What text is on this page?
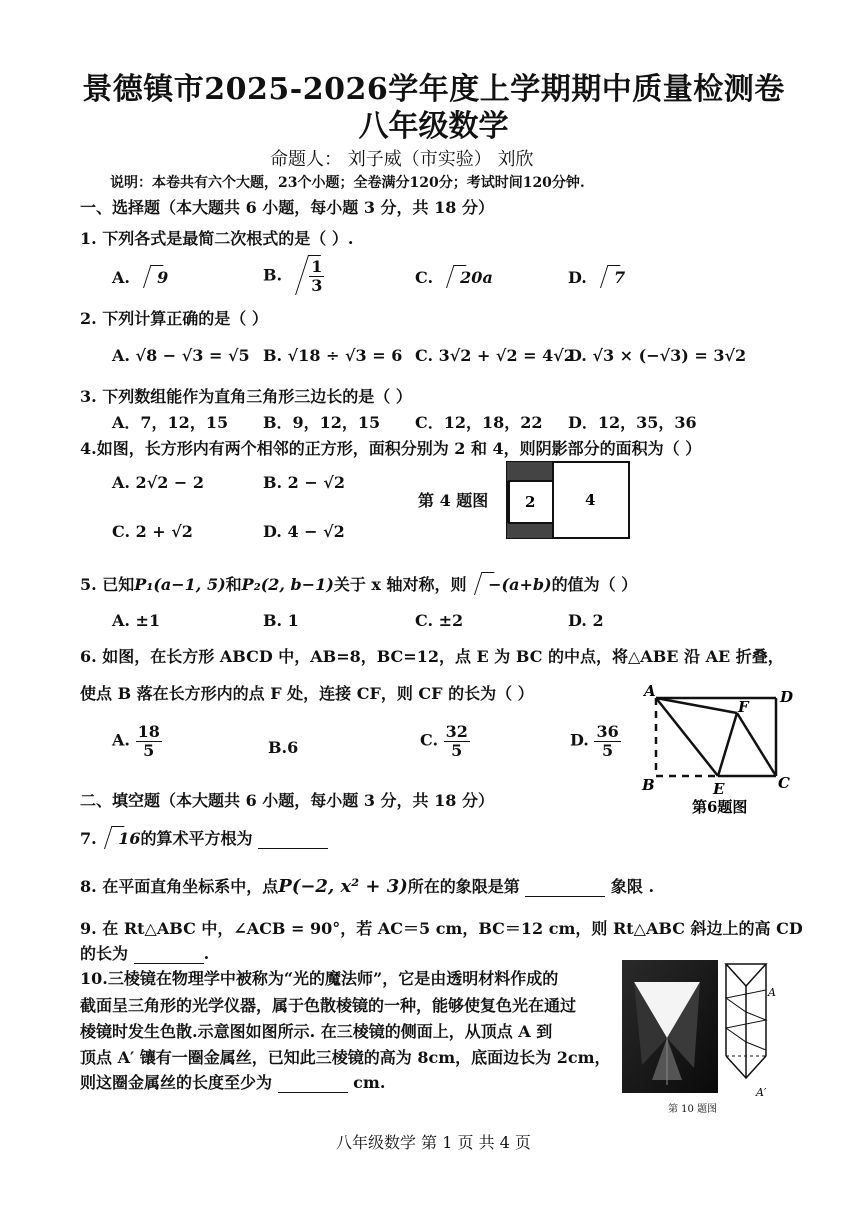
景德镇市2025-2026学年度上学期期中质量检测卷
八年级数学
命题人： 刘子威（市实验） 刘欣
说明：本卷共有六个大题，23个小题；全卷满分120分；考试时间120分钟.
一、选择题（本大题共 6 小题，每小题 3 分，共 18 分）
1. 下列各式是最简二次根式的是（ ）.
A. 9	B. $\frac{1}{3}$	C. 20a	D. 7
2. 下列计算正确的是（ ）
A. √8 − √3 = √5 B. √18 ÷ √3 = 6 C. 3√2 + √2 = 4√2
D. √3 × (−√3) = 3√2
3. 下列数组能作为直角三角形三边长的是（ ）
A．7，12，15 B．9，12，15 C．12，18，22 D．12，35，36
4.如图，长方形内有两个相邻的正方形，面积分别为 2 和 4，则阴影部分的面积为（ ）
A. 2√2 − 2	B. 2 − √2
C. 2 + √2	D. 4 − √2
第 4 题图 2	4
5. 已知P₁(a−1, 5)和P₂(2, b−1)关于 x 轴对称，则 −(a+b)的值为（ ）
A. ±1	B. 1	C. ±2	D. 2
6. 如图，在长方形 ABCD 中，AB=8，BC=12，点 E 为 BC 的中点，将△ABE 沿 AE 折叠，
使点 B 落在长方形内的点 F 处，连接 CF，则 CF 的长为（ ）
A. $\frac{18}{5}$	B.6	C. $\frac{32}{5}$	D. $\frac{36}{5}$
A	D
F
B	E	C
第6题图
二、填空题（本大题共 6 小题，每小题 3 分，共 18 分）
7. 16的算术平方根为
8. 在平面直角坐标系中，点P(−2, x² + 3)所在的象限是第	象限 .
9. 在 Rt△ABC 中，∠ACB = 90°，若 AC＝5 cm，BC＝12 cm，则 Rt△ABC 斜边上的高 CD
的长为	.
10.三棱镜在物理学中被称为“光的魔法师”，它是由透明材料作成的
截面呈三角形的光学仪器，属于色散棱镜的一种，能够使复色光在通过
棱镜时发生色散.示意图如图所示. 在三棱镜的侧面上，从顶点 A 到
顶点 A′ 镶有一圈金属丝，已知此三棱镜的高为 8cm，底面边长为 2cm，
则这圈金属丝的长度至少为	cm.
A
A′
第 10 题图
八年级数学 第 1 页 共 4 页
